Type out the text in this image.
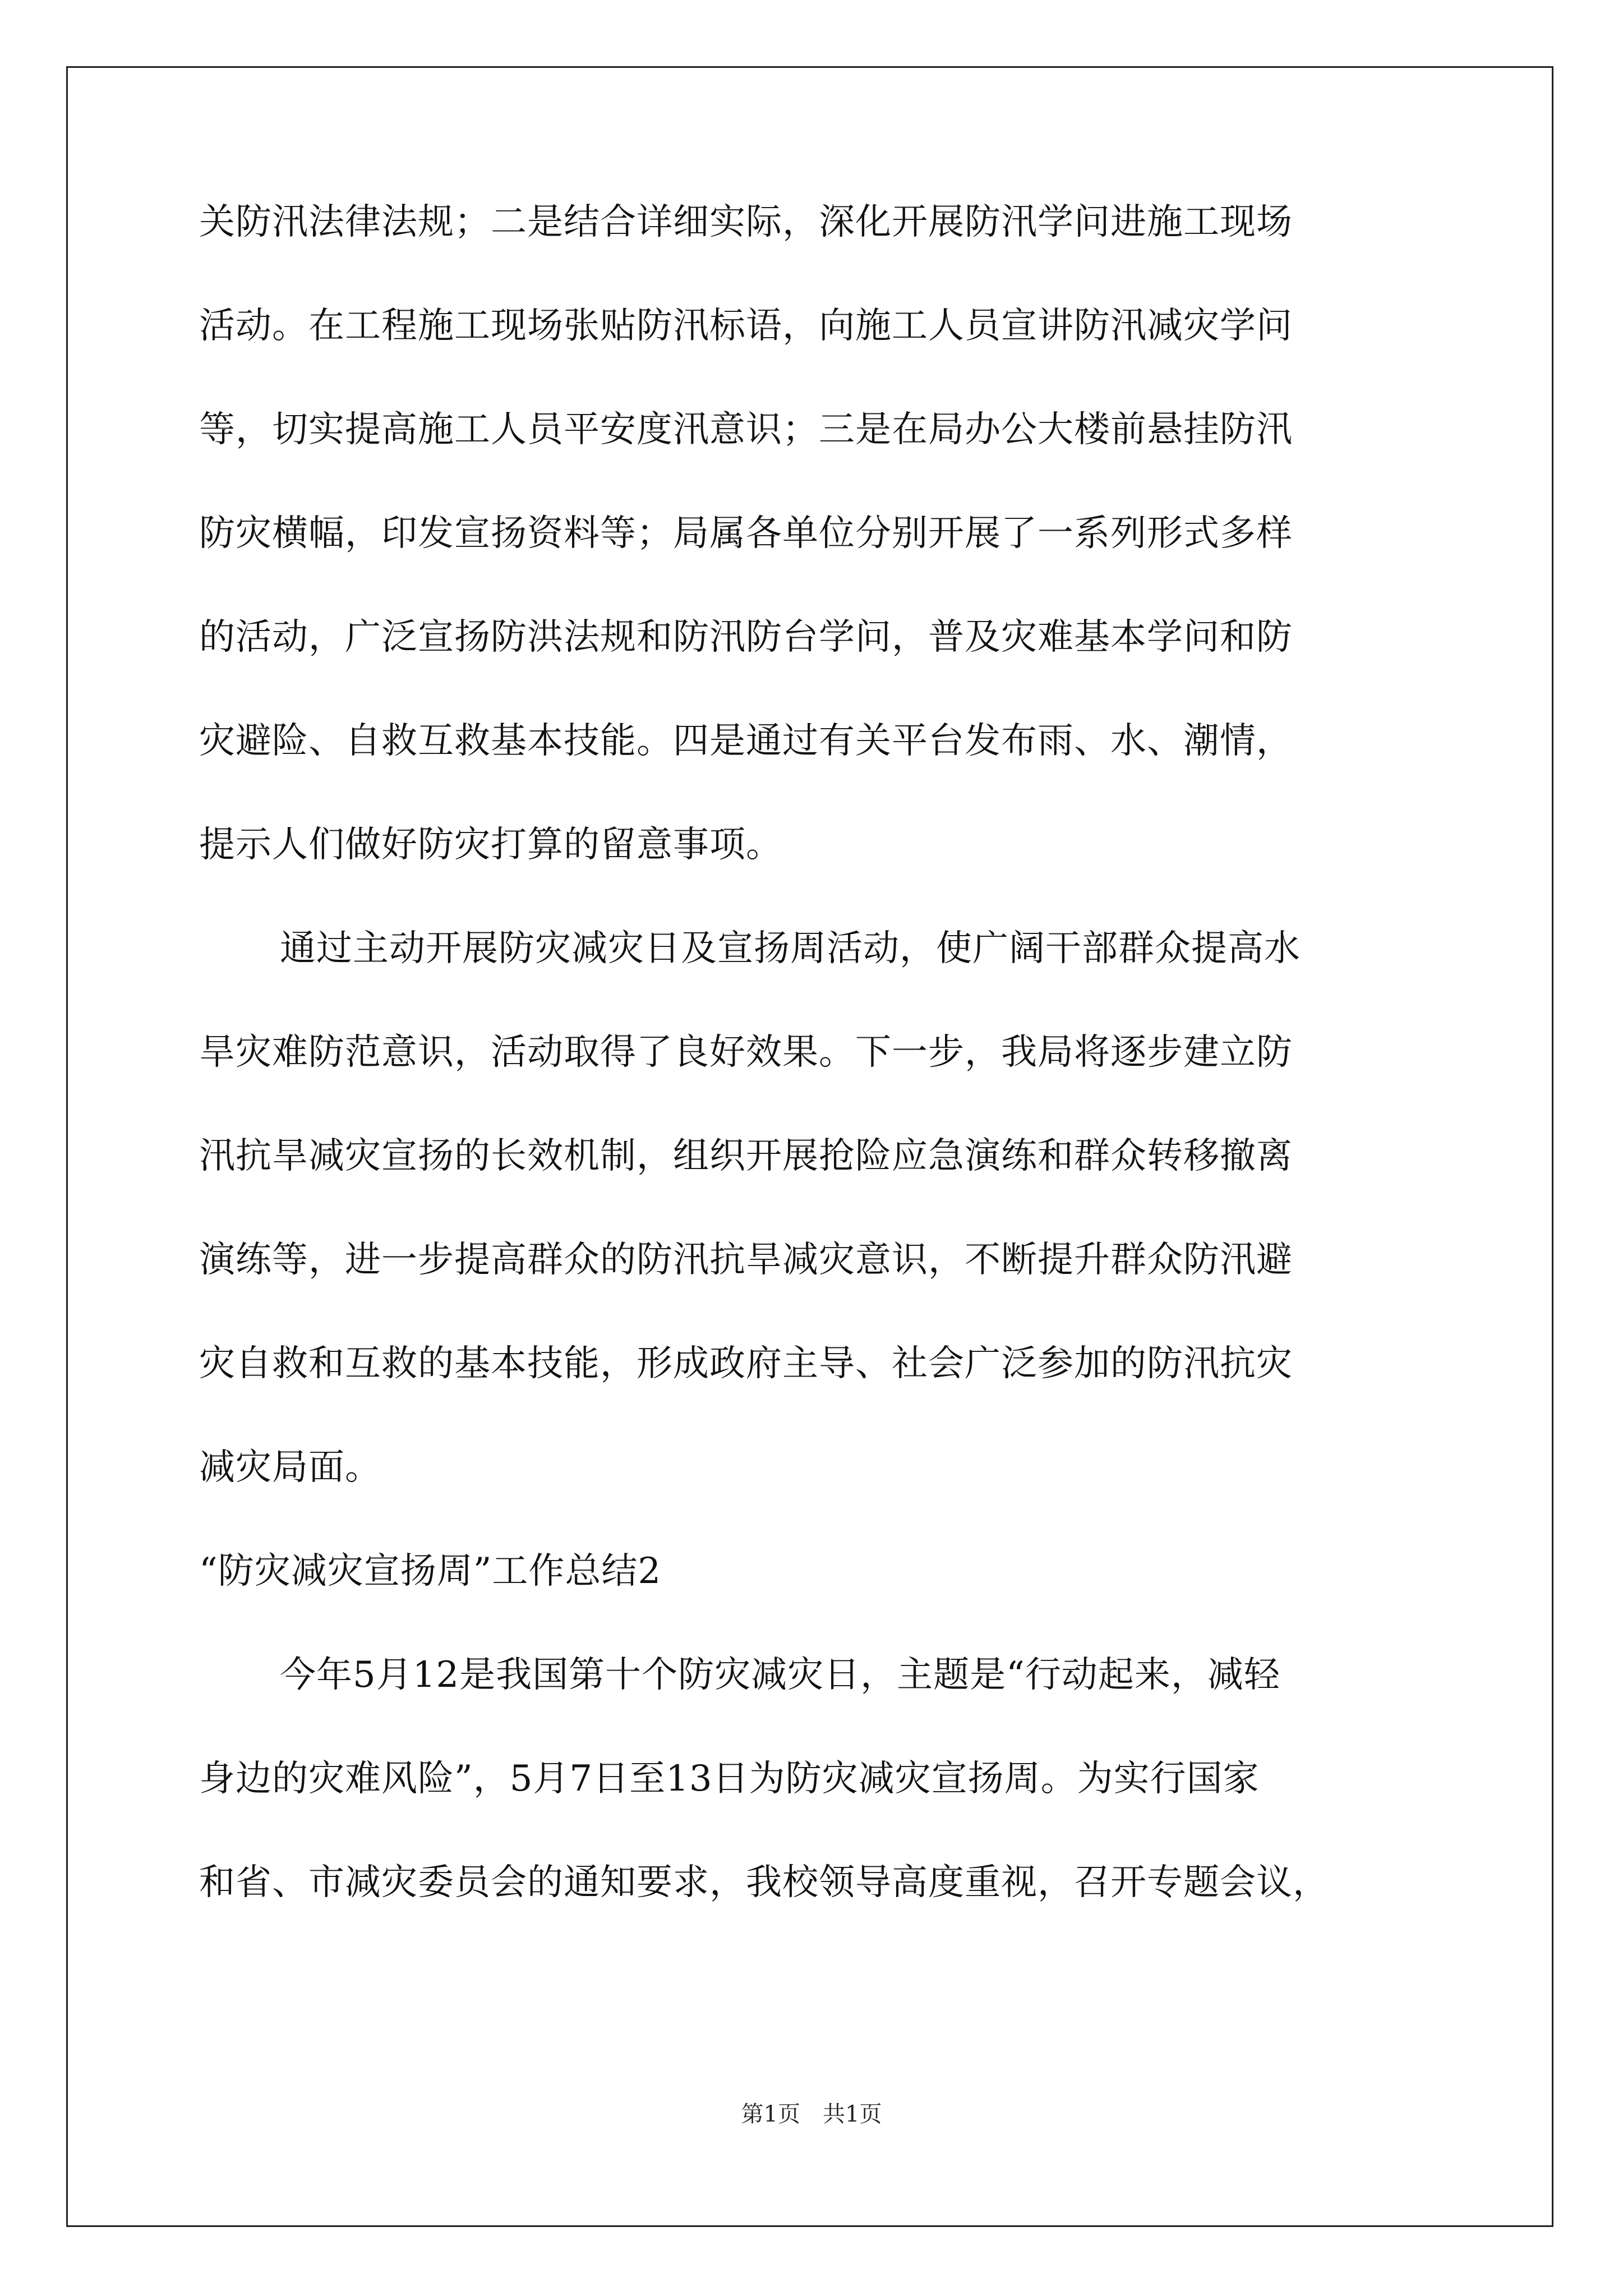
关防汛法律法规；二是结合详细实际，深化开展防汛学问进施工现场
活动。在工程施工现场张贴防汛标语，向施工人员宣讲防汛减灾学问
等，切实提高施工人员平安度汛意识；三是在局办公大楼前悬挂防汛
防灾横幅，印发宣扬资料等；局属各单位分别开展了一系列形式多样
的活动，广泛宣扬防洪法规和防汛防台学问，普及灾难基本学问和防
灾避险、自救互救基本技能。四是通过有关平台发布雨、水、潮情，
提示人们做好防灾打算的留意事项。
通过主动开展防灾减灾日及宣扬周活动，使广阔干部群众提高水
旱灾难防范意识，活动取得了良好效果。下一步，我局将逐步建立防
汛抗旱减灾宣扬的长效机制，组织开展抢险应急演练和群众转移撤离
演练等，进一步提高群众的防汛抗旱减灾意识，不断提升群众防汛避
灾自救和互救的基本技能，形成政府主导、社会广泛参加的防汛抗灾
减灾局面。
“防灾减灾宣扬周”工作总结2
今年5月12是我国第十个防灾减灾日，主题是“行动起来，减轻
身边的灾难风险”，5月7日至13日为防灾减灾宣扬周。为实行国家
和省、市减灾委员会的通知要求，我校领导高度重视，召开专题会议，
第1页　共1页
